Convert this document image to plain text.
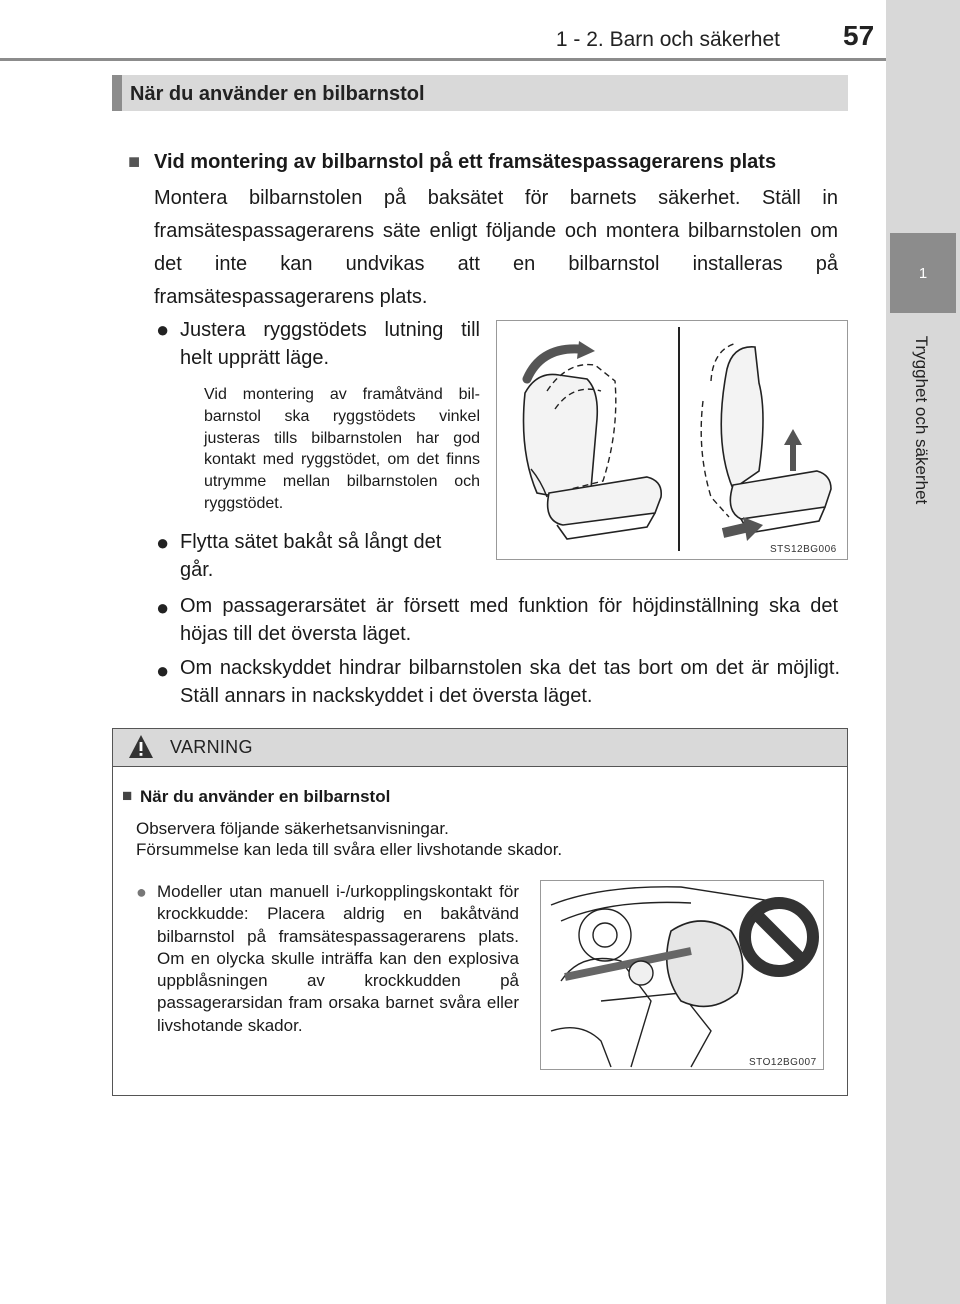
1 - 2. Barn och säkerhet 57
1
Trygghet och säkerhet
När du använder en bilbarnstol
■ Vid montering av bilbarnstol på ett framsätespassagerarens plats
Montera bilbarnstolen på baksätet för barnets säkerhet. Ställ in framsätespassagerarens säte enligt följande och montera bilbarnstolen om det inte kan undvikas att en bilbarnstol installeras på framsätespassagerarens plats.
● Justera ryggstödets lutning till helt upprätt läge.
Vid montering av framåtvänd bilbarnstol ska ryggstödets vinkel justeras tills bilbarnstolen har god kontakt med ryggstödet, om det finns utrymme mellan bilbarnstolen och ryggstödet.
● Flytta sätet bakåt så långt det går.
● Om passagerarsätet är försett med funktion för höjdinställning ska det höjas till det översta läget.
● Om nackskyddet hindrar bilbarnstolen ska det tas bort om det är möjligt. Ställ annars in nackskyddet i det översta läget.
STS12BG006
VARNING
■ När du använder en bilbarnstol
Observera följande säkerhetsanvisningar.
Försummelse kan leda till svåra eller livshotande skador.
● Modeller utan manuell i-/urkopplingskontakt för krockkudde: Placera aldrig en bakåtvänd bilbarnstol på framsätespassagerarens plats. Om en olycka skulle inträffa kan den explosiva uppblåsningen av krockkudden på passagerarsidan fram orsaka barnet svåra eller livshotande skador.
STO12BG007
